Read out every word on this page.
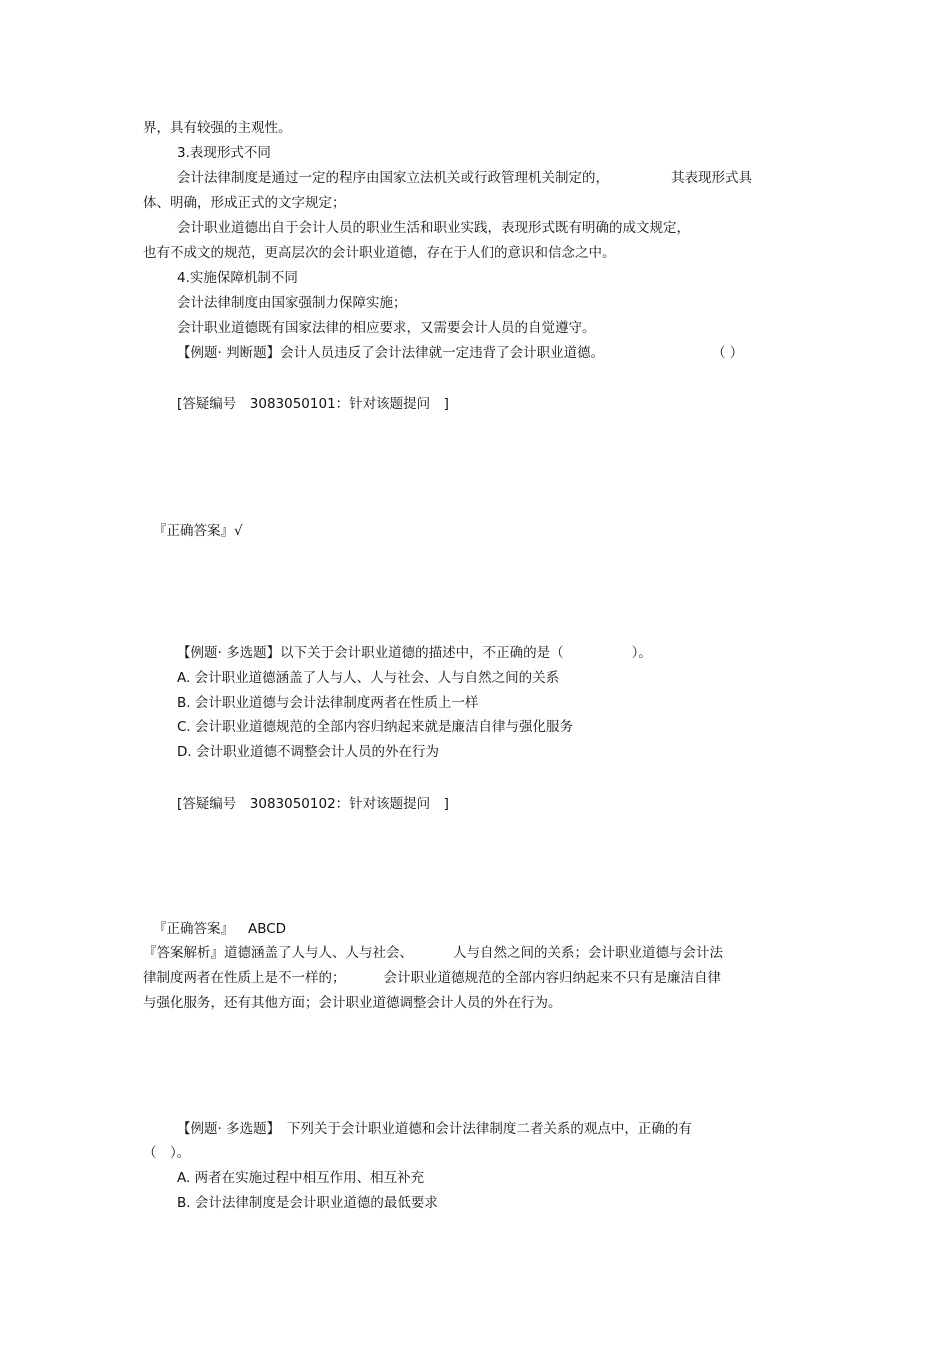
界，具有较强的主观性。
3.表现形式不同
会计法律制度是通过一定的程序由国家立法机关或行政管理机关制定的，	其表现形式具
体、明确，形成正式的文字规定；
会计职业道德出自于会计人员的职业生活和职业实践，表现形式既有明确的成文规定，
也有不成文的规范，更高层次的会计职业道德，存在于人们的意识和信念之中。
4.实施保障机制不同
会计法律制度由国家强制力保障实施；
会计职业道德既有国家法律的相应要求，又需要会计人员的自觉遵守。
【例题· 判断题】会计人员违反了会计法律就一定违背了会计职业道德。	（ ）
[答疑编号　3083050101：针对该题提问　]
『正确答案』√
【例题· 多选题】以下关于会计职业道德的描述中，不正确的是（	）。
A. 会计职业道德涵盖了人与人、人与社会、人与自然之间的关系
B. 会计职业道德与会计法律制度两者在性质上一样
C. 会计职业道德规范的全部内容归纳起来就是廉洁自律与强化服务
D. 会计职业道德不调整会计人员的外在行为
[答疑编号　3083050102：针对该题提问　]
『正确答案』 ABCD
『答案解析』道德涵盖了人与人、人与社会、	人与自然之间的关系；会计职业道德与会计法
律制度两者在性质上是不一样的；	会计职业道德规范的全部内容归纳起来不只有是廉洁自律
与强化服务，还有其他方面；会计职业道德调整会计人员的外在行为。
【例题· 多选题】　下列关于会计职业道德和会计法律制度二者关系的观点中，正确的有
（　）。
A. 两者在实施过程中相互作用、相互补充
B. 会计法律制度是会计职业道德的最低要求
